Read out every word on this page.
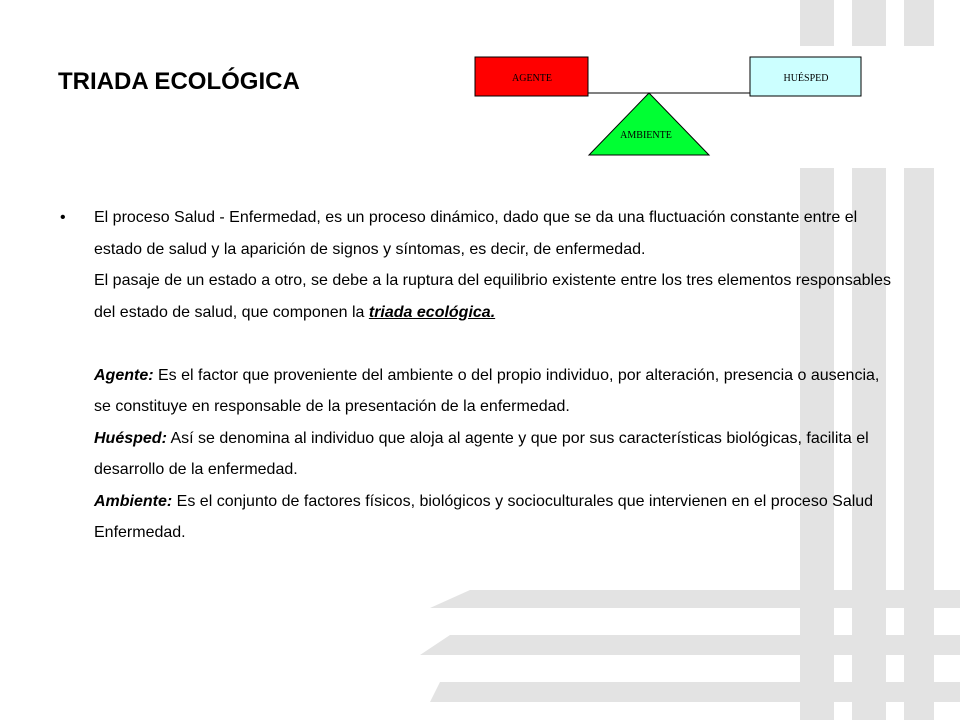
TRIADA ECOLÓGICA	AGENTE	HUÉSPED
AMBIENTE
•	El proceso Salud - Enfermedad, es un proceso dinámico, dado que se da una fluctuación constante entre el estado de salud y la aparición de signos y síntomas, es decir, de enfermedad.
El pasaje de un estado a otro, se debe a la ruptura del equilibrio existente entre los tres elementos responsables del estado de salud, que componen la triada ecológica.
Agente: Es el factor que proveniente del ambiente o del propio individuo, por alteración, presencia o ausencia, se constituye en responsable de la presentación de la enfermedad.
Huésped: Así se denomina al individuo que aloja al agente y que por sus características biológicas, facilita el desarrollo de la enfermedad.
Ambiente: Es el conjunto de factores físicos, biológicos y socioculturales que intervienen en el proceso Salud Enfermedad.
